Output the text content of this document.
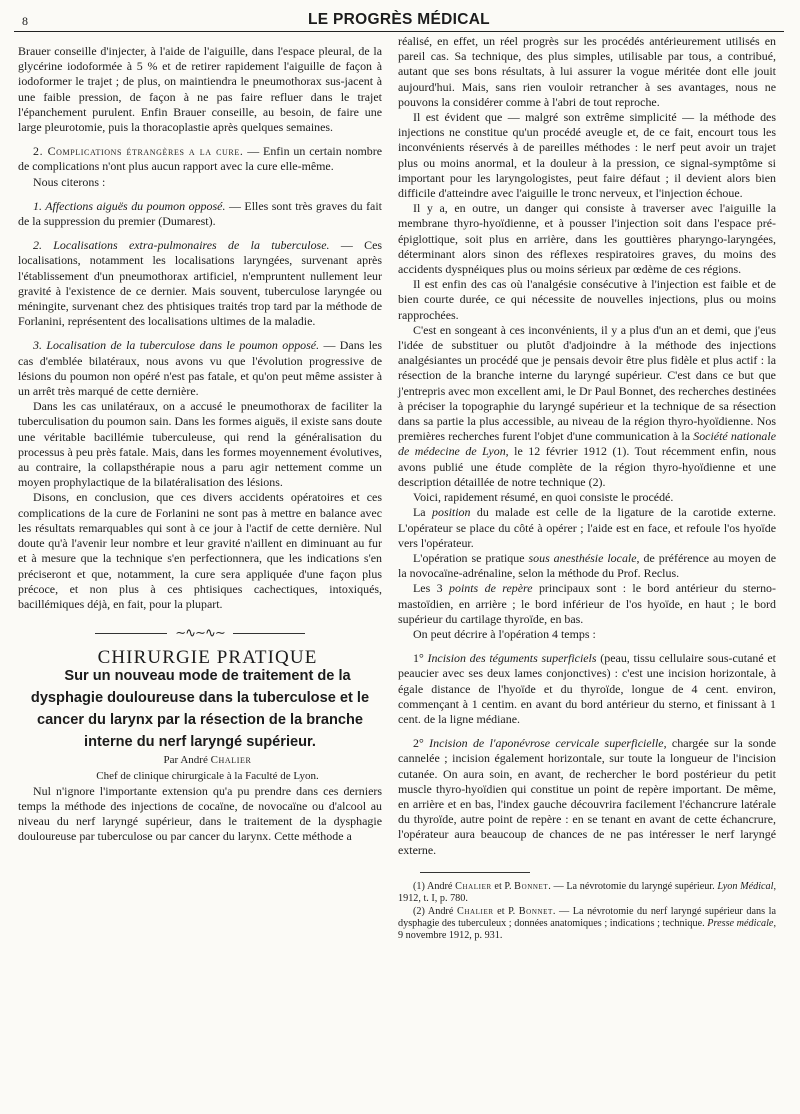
8	LE PROGRÈS MÉDICAL

Brauer conseille d'injecter, à l'aide de l'aiguille, dans l'espace pleural, de la glycérine iodoformée à 5 % et de retirer rapidement l'aiguille de façon à iodoformer le trajet ; de plus, on maintiendra le pneumothorax sus-jacent à une faible pression, de façon à ne pas faire refluer dans le trajet l'épanchement purulent. Enfin Brauer conseille, au besoin, de faire une large pleurotomie, puis la thoracoplastie après quelques semaines.

2. Complications étrangères a la cure. — Enfin un certain nombre de complications n'ont plus aucun rapport avec la cure elle-même.

Nous citerons :

1. Affections aiguës du poumon opposé. — Elles sont très graves du fait de la suppression du premier (Dumarest).

2. Localisations extra-pulmonaires de la tuberculose. — Ces localisations, notamment les localisations laryngées, survenant après l'établissement d'un pneumothorax artificiel, n'empruntent nullement leur gravité à l'existence de ce dernier. Mais souvent, tuberculose laryngée ou méningite, survenant chez des phtisiques traités trop tard par la méthode de Forlanini, représentent des localisations ultimes de la maladie.

3. Localisation de la tuberculose dans le poumon opposé. — Dans les cas d'emblée bilatéraux, nous avons vu que l'évolution progressive de lésions du poumon non opéré n'est pas fatale, et qu'on peut même assister à un arrêt très marqué de cette dernière.

Dans les cas unilatéraux, on a accusé le pneumothorax de faciliter la tuberculisation du poumon sain. Dans les formes aiguës, il existe sans doute une véritable bacillémie tuberculeuse, qui rend la généralisation du processus à peu près fatale. Mais, dans les formes moyennement évolutives, au contraire, la collapsthérapie nous a paru agir nettement comme un moyen prophylactique de la bilatéralisation des lésions.

Disons, en conclusion, que ces divers accidents opératoires et ces complications de la cure de Forlanini ne sont pas à mettre en balance avec les résultats remarquables qui sont à ce jour à l'actif de cette dernière. Nul doute qu'à l'avenir leur nombre et leur gravité n'aillent en diminuant au fur et à mesure que la technique s'en perfectionnera, que les indications s'en préciseront et que, notamment, la cure sera appliquée d'une façon plus précoce, et non plus à ces phtisiques cachectiques, intoxiqués, bacillémiques déjà, en fait, pour la plupart.

∼∿∼∿∼

CHIRURGIE PRATIQUE

Sur un nouveau mode de traitement de la dysphagie douloureuse dans la tuberculose et le cancer du larynx par la résection de la branche interne du nerf laryngé supérieur.

Par André Chalier

Chef de clinique chirurgicale à la Faculté de Lyon.

Nul n'ignore l'importante extension qu'a pu prendre dans ces derniers temps la méthode des injections de cocaïne, de novocaïne ou d'alcool au niveau du nerf laryngé supérieur, dans le traitement de la dysphagie douloureuse par tuberculose ou par cancer du larynx. Cette méthode a

réalisé, en effet, un réel progrès sur les procédés antérieurement utilisés en pareil cas. Sa technique, des plus simples, utilisable par tous, a contribué, autant que ses bons résultats, à lui assurer la vogue méritée dont elle jouit aujourd'hui. Mais, sans rien vouloir retrancher à ses avantages, nous ne pouvons la considérer comme à l'abri de tout reproche.

Il est évident que — malgré son extrême simplicité — la méthode des injections ne constitue qu'un procédé aveugle et, de ce fait, encourt tous les inconvénients réservés à de pareilles méthodes : le nerf peut avoir un trajet plus ou moins anormal, et la douleur à la pression, ce signal-symptôme si important pour les laryngologistes, peut faire défaut ; il devient alors bien difficile d'atteindre avec l'aiguille le tronc nerveux, et l'injection échoue.

Il y a, en outre, un danger qui consiste à traverser avec l'aiguille la membrane thyro-hyoïdienne, et à pousser l'injection soit dans l'espace pré-épiglottique, soit plus en arrière, dans les gouttières pharyngo-laryngées, déterminant alors sinon des réflexes respiratoires graves, du moins des accidents dyspnéiques plus ou moins sérieux par œdème de ces régions.

Il est enfin des cas où l'analgésie consécutive à l'injection est faible et de bien courte durée, ce qui nécessite de nouvelles injections, plus ou moins rapprochées.

C'est en songeant à ces inconvénients, il y a plus d'un an et demi, que j'eus l'idée de substituer ou plutôt d'adjoindre à la méthode des injections analgésiantes un procédé que je pensais devoir être plus fidèle et plus actif : la résection de la branche interne du laryngé supérieur. C'est dans ce but que j'entrepris avec mon excellent ami, le Dr Paul Bonnet, des recherches destinées à préciser la topographie du laryngé supérieur et la technique de sa résection dans sa partie la plus accessible, au niveau de la région thyro-hyoïdienne. Nos premières recherches furent l'objet d'une communication à la Société nationale de médecine de Lyon, le 12 février 1912 (1). Tout récemment enfin, nous avons publié une étude complète de la région thyro-hyoïdienne et une description détaillée de notre technique (2).

Voici, rapidement résumé, en quoi consiste le procédé.

La position du malade est celle de la ligature de la carotide externe. L'opérateur se place du côté à opérer ; l'aide est en face, et refoule l'os hyoïde vers l'opérateur.

L'opération se pratique sous anesthésie locale, de préférence au moyen de la novocaïne-adrénaline, selon la méthode du Prof. Reclus.

Les 3 points de repère principaux sont : le bord antérieur du sterno-mastoïdien, en arrière ; le bord inférieur de l'os hyoïde, en haut ; le bord supérieur du cartilage thyroïde, en bas.

On peut décrire à l'opération 4 temps :

1° Incision des téguments superficiels (peau, tissu cellulaire sous-cutané et peaucier avec ses deux lames conjonctives) : c'est une incision horizontale, à égale distance de l'hyoïde et du thyroïde, longue de 4 cent. environ, commençant à 1 centim. en avant du bord antérieur du sterno, et finissant à 1 cent. de la ligne médiane.

2° Incision de l'aponévrose cervicale superficielle, chargée sur la sonde cannelée ; incision également horizontale, sur toute la longueur de l'incision cutanée. On aura soin, en avant, de rechercher le bord postérieur du petit muscle thyro-hyoïdien qui constitue un point de repère important. De même, en arrière et en bas, l'index gauche découvrira facilement l'échancrure latérale du thyroïde, autre point de repère : en se tenant en avant de cette échancrure, l'opérateur aura beaucoup de chances de ne pas intéresser le nerf laryngé externe.

(1) André Chalier et P. Bonnet. — La névrotomie du laryngé supérieur. Lyon Médical, 1912, t. I, p. 780.

(2) André Chalier et P. Bonnet. — La névrotomie du nerf laryngé supérieur dans la dysphagie des tuberculeux ; données anatomiques ; indications ; technique. Presse médicale, 9 novembre 1912, p. 931.
